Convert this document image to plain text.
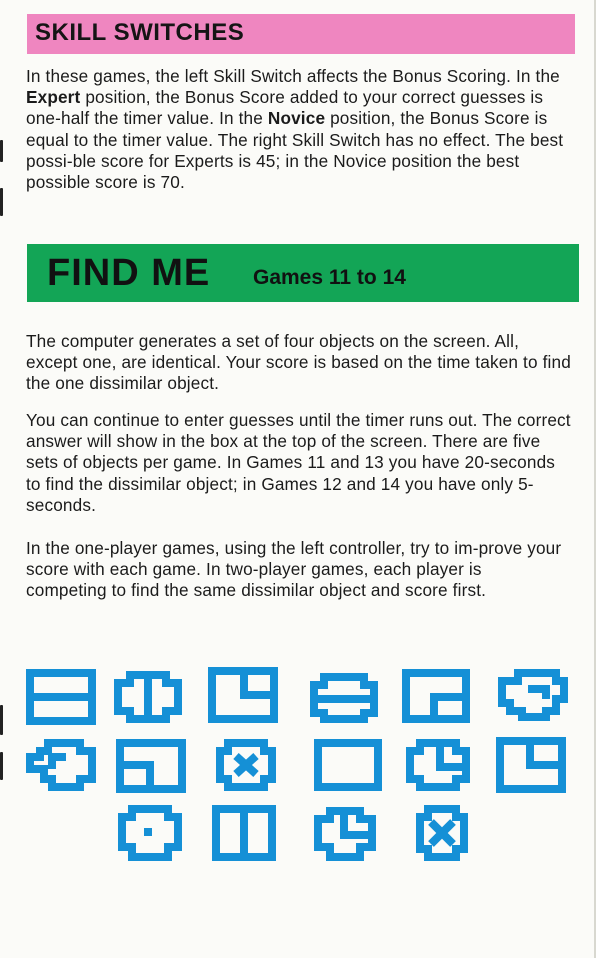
SKILL SWITCHES

In these games, the left Skill Switch affects the Bonus Scoring. In the Expert position, the Bonus Score added to your correct guesses is one-half the timer value. In the Novice position, the Bonus Score is equal to the timer value. The right Skill Switch has no effect. The best possi-ble score for Experts is 45; in the Novice position the best possible score is 70.

FIND ME Games 11 to 14

The computer generates a set of four objects on the screen. All, except one, are identical. Your score is based on the time taken to find the one dissimilar object.

You can continue to enter guesses until the timer runs out. The correct answer will show in the box at the top of the screen. There are five sets of objects per game. In Games 11 and 13 you have 20-seconds to find the dissimilar object; in Games 12 and 14 you have only 5-seconds.

In the one-player games, using the left controller, try to im-prove your score with each game. In two-player games, each player is competing to find the same dissimilar object and score first.
